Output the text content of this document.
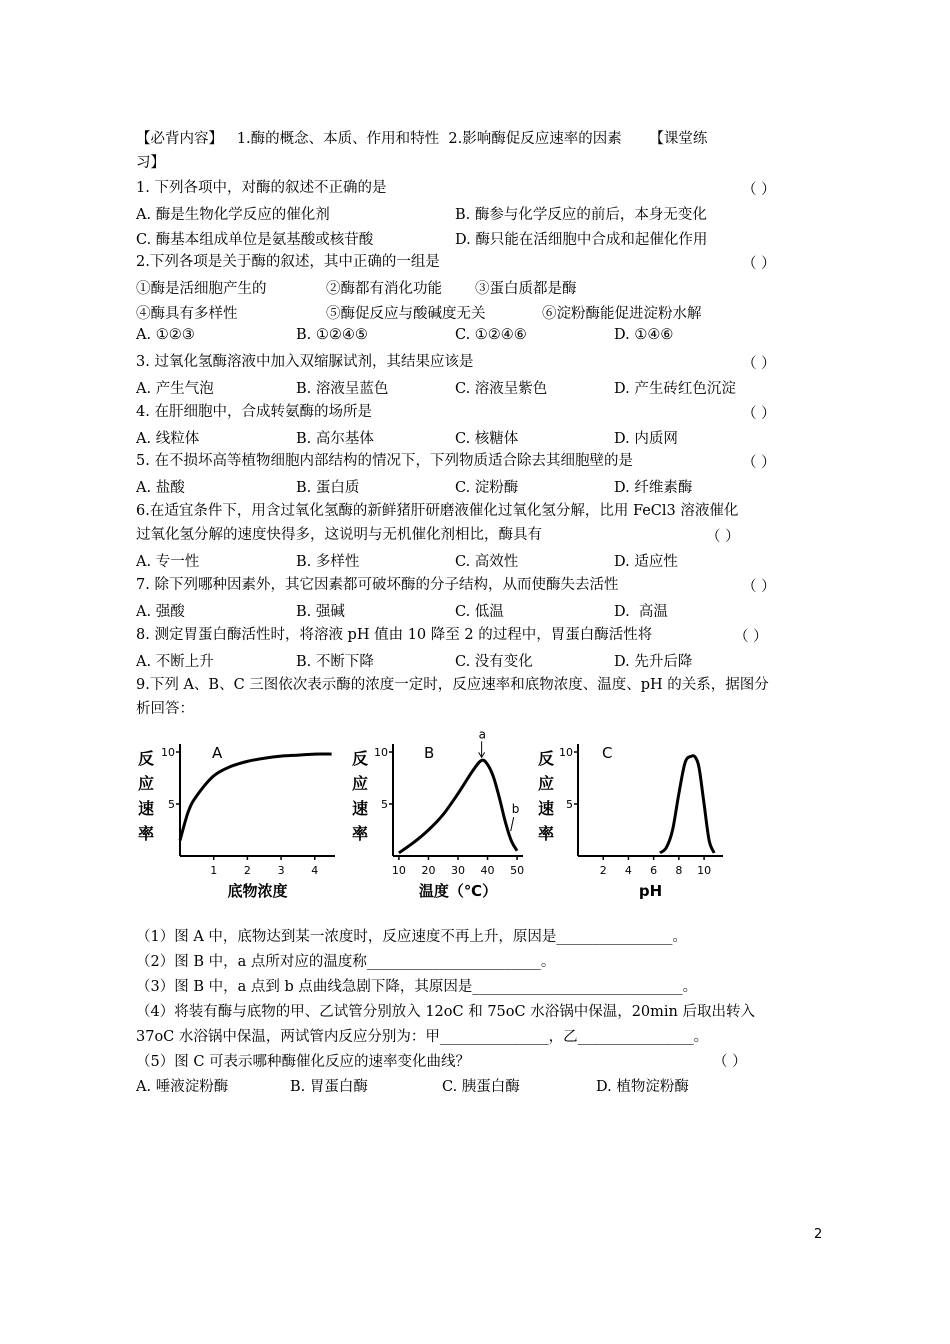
【必背内容】   1.酶的概念、本质、作用和特性  2.影响酶促反应速率的因素      【课堂练
习】
1. 下列各项中，对酶的叙述不正确的是	（ ）
A. 酶是生物化学反应的催化剂	B. 酶参与化学反应的前后，本身无变化
C. 酶基本组成单位是氨基酸或核苷酸	D. 酶只能在活细胞中合成和起催化作用
2.下列各项是关于酶的叙述，其中正确的一组是	（ ）
①酶是活细胞产生的	②酶都有消化功能 ③蛋白质都是酶
④酶具有多样性	⑤酶促反应与酸碱度无关	⑥淀粉酶能促进淀粉水解
A. ①②③	B. ①②④⑤	C. ①②④⑥	D. ①④⑥
3. 过氧化氢酶溶液中加入双缩脲试剂，其结果应该是	（ ）
A. 产生气泡	B. 溶液呈蓝色	C. 溶液呈紫色	D. 产生砖红色沉淀
4. 在肝细胞中，合成转氨酶的场所是	（ ）
A. 线粒体	B. 高尔基体	C. 核糖体	D. 内质网
5. 在不损坏高等植物细胞内部结构的情况下，下列物质适合除去其细胞壁的是	（ ）
A. 盐酸	B. 蛋白质	C. 淀粉酶	D. 纤维素酶
6.在适宜条件下，用含过氧化氢酶的新鲜猪肝研磨液催化过氧化氢分解，比用 FeCl3 溶液催化
过氧化氢分解的速度快得多，这说明与无机催化剂相比，酶具有	（ ）
A. 专一性	B. 多样性	C. 高效性	D. 适应性
7. 除下列哪种因素外，其它因素都可破坏酶的分子结构，从而使酶失去活性	（ ）
A. 强酸	B. 强碱	C. 低温	D.  高温
8. 测定胃蛋白酶活性时，将溶液 pH 值由 10 降至 2 的过程中，胃蛋白酶活性将	（ ）
A. 不断上升	B. 不断下降	C. 没有变化	D. 先升后降
9.下列 A、B、C 三图依次表示酶的浓度一定时，反应速率和底物浓度、温度、pH 的关系，据图分
析回答：
反
应
速
率
5
10
1 2 3 4
底物浓度
A	反
应
速
率
5
10
10 20 30 40 50
温度（℃）
B
a
b
反
应
速
率
5
10
2 4 6 8 10
pH
C
（1）图 A 中，底物达到某一浓度时，反应速度不再上升，原因是________________。
（2）图 B 中，a 点所对应的温度称________________________。
（3）图 B 中，a 点到 b 点曲线急剧下降，其原因是_____________________________。
（4）将装有酶与底物的甲、乙试管分别放入 12oC 和 75oC 水浴锅中保温，20min 后取出转入
37oC 水浴锅中保温，两试管内反应分别为：甲_______________，乙________________。
（5）图 C 可表示哪种酶催化反应的速率变化曲线？	（ ）
A. 唾液淀粉酶	B. 胃蛋白酶	C. 胰蛋白酶	D. 植物淀粉酶
2
